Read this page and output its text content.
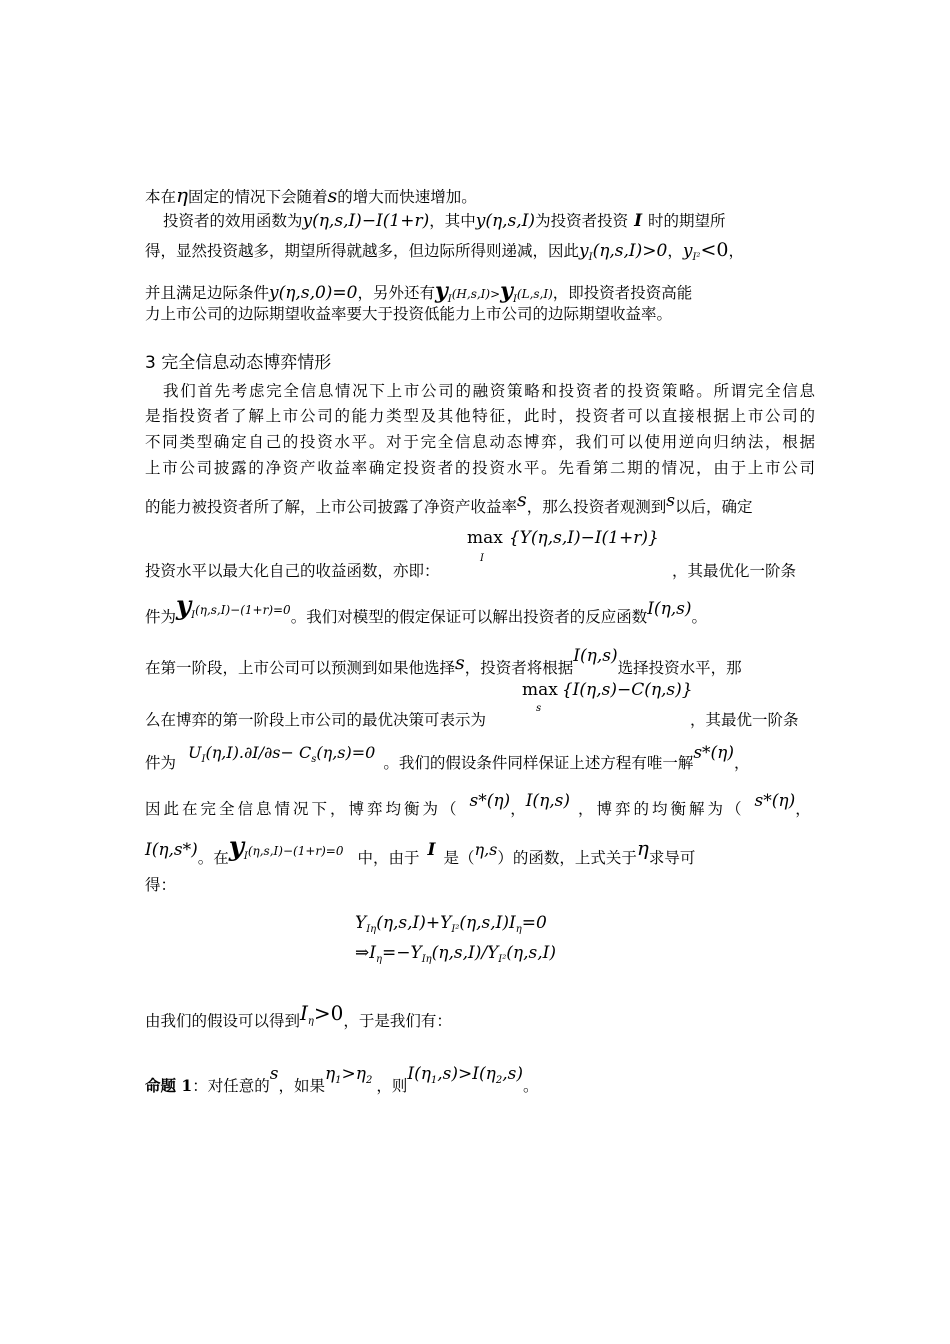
本在η固定的情况下会随着s的增大而快速增加。
投资者的效用函数为y(η,s,I)−I(1+r)，其中y(η,s,I)为投资者投资 I 时的期望所
得，显然投资越多，期望所得就越多，但边际所得则递减，因此$y_I(\eta,s,I)>0$，$y_{I^2}<0$，
并且满足边际条件y(η,s,0)=0，另外还有$y_I(H,s,I)>y_I(L,s,I)$，即投资者投资高能
力上市公司的边际期望收益率要大于投资低能力上市公司的边际期望收益率。
3 完全信息动态博弈情形
我们首先考虑完全信息情况下上市公司的融资策略和投资者的投资策略。所谓完全信息
是指投资者了解上市公司的能力类型及其他特征，此时，投资者可以直接根据上市公司的
不同类型确定自己的投资水平。对于完全信息动态博弈，我们可以使用逆向归纳法，根据
上市公司披露的净资产收益率确定投资者的投资水平。先看第二期的情况，由于上市公司
的能力被投资者所了解，上市公司披露了净资产收益率s，那么投资者观测到s以后，确定
max {Y(η,s,I)−I(1+r)}
I
投资水平以最大化自己的收益函数，亦即：	，其最优化一阶条
件为$y_I(\eta,s,I)-(1+r)=0$。我们对模型的假定保证可以解出投资者的反应函数I(η,s)。
在第一阶段，上市公司可以预测到如果他选择s，投资者将根据I(η,s)选择投资水平，那
max {I(η,s)−C(η,s)}
s
么在博弈的第一阶段上市公司的最优决策可表示为	，其最优一阶条
件为$U_I(\eta,I).\partial I/\partial s- C_s(\eta,s)=0$。我们的假设条件同样保证上述方程有唯一解s*(η)，
因此在完全信息情况下，博弈均衡为（ s*(η)，I(η,s) ，博弈的均衡解为（ s*(η)，
I(η,s*)。在$y_I(\eta,s,I)-(1+r)=0$ 中，由于 I 是（η,s）的函数，上式关于η求导可
得：
$Y_{I\eta}(\eta,s,I)+Y_{I^2}(\eta,s,I)I_\eta=0$
$\Rightarrow I_\eta=-Y_{I\eta}(\eta,s,I)/Y_{I^2}(\eta,s,I)$
由我们的假设可以得到$I_\eta>0$，于是我们有：
命题 1：对任意的s，如果$\eta_1>\eta_2$ ，则$I(\eta_1,s)>I(\eta_2,s)$。
